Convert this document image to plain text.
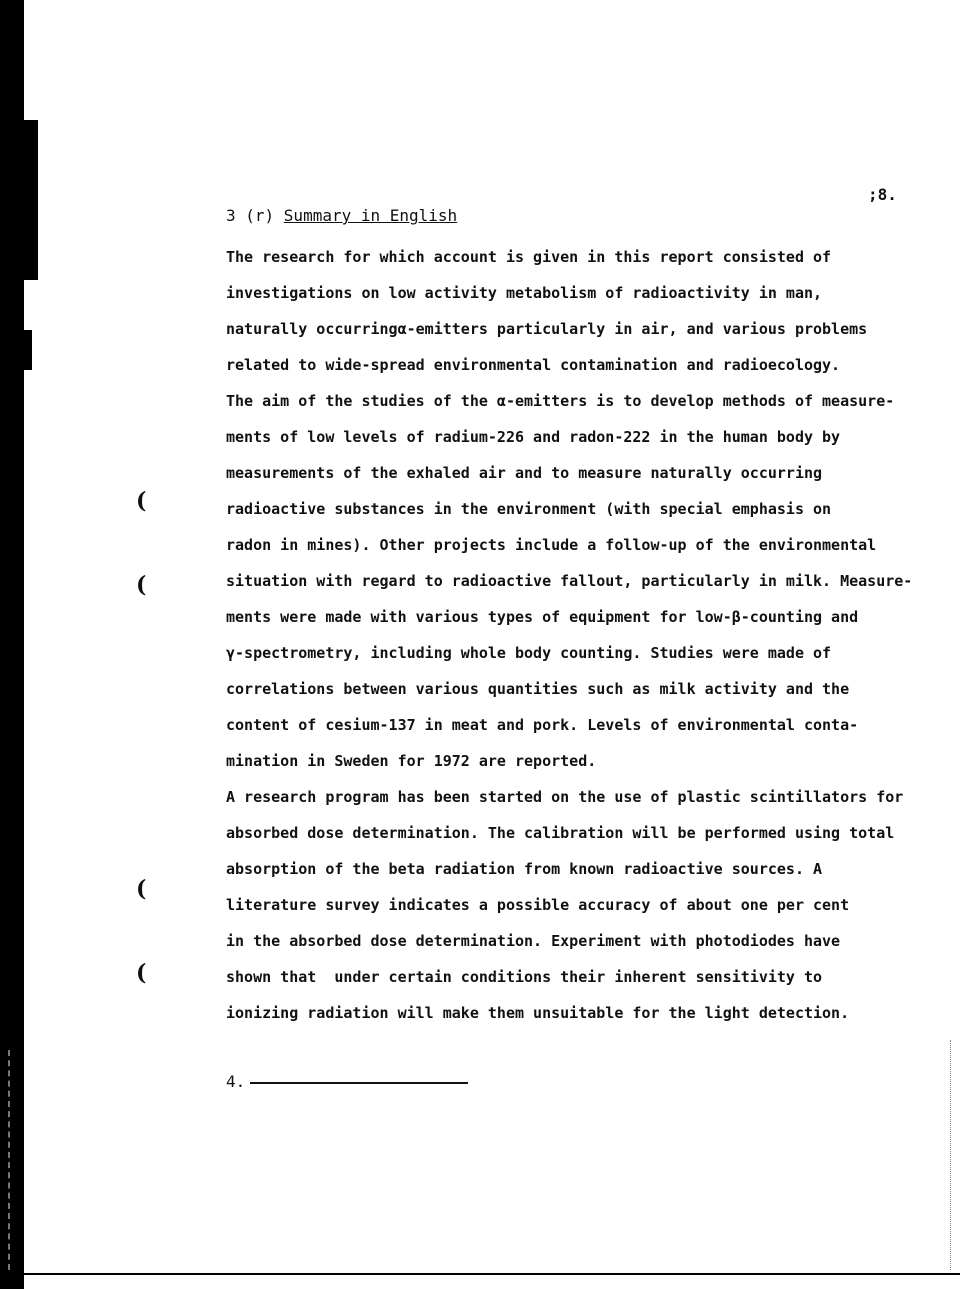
;8.
3 (r) Summary in English
The research for which account is given in this report consisted of
investigations on low activity metabolism of radioactivity in man,
naturally occurringα-emitters particularly in air, and various problems
related to wide-spread environmental contamination and radioecology.
The aim of the studies of the α-emitters is to develop methods of measure-
ments of low levels of radium-226 and radon-222 in the human body by
measurements of the exhaled air and to measure naturally occurring
radioactive substances in the environment (with special emphasis on
radon in mines). Other projects include a follow-up of the environmental
situation with regard to radioactive fallout, particularly in milk. Measure-
ments were made with various types of equipment for low-β-counting and
γ-spectrometry, including whole body counting. Studies were made of
correlations between various quantities such as milk activity and the
content of cesium-137 in meat and pork. Levels of environmental conta-
mination in Sweden for 1972 are reported.
A research program has been started on the use of plastic scintillators for
absorbed dose determination. The calibration will be performed using total
absorption of the beta radiation from known radioactive sources. A
literature survey indicates a possible accuracy of about one per cent
in the absorbed dose determination. Experiment with photodiodes have
shown that  under certain conditions their inherent sensitivity to
ionizing radiation will make them unsuitable for the light detection.
(
(
(
(
4.
